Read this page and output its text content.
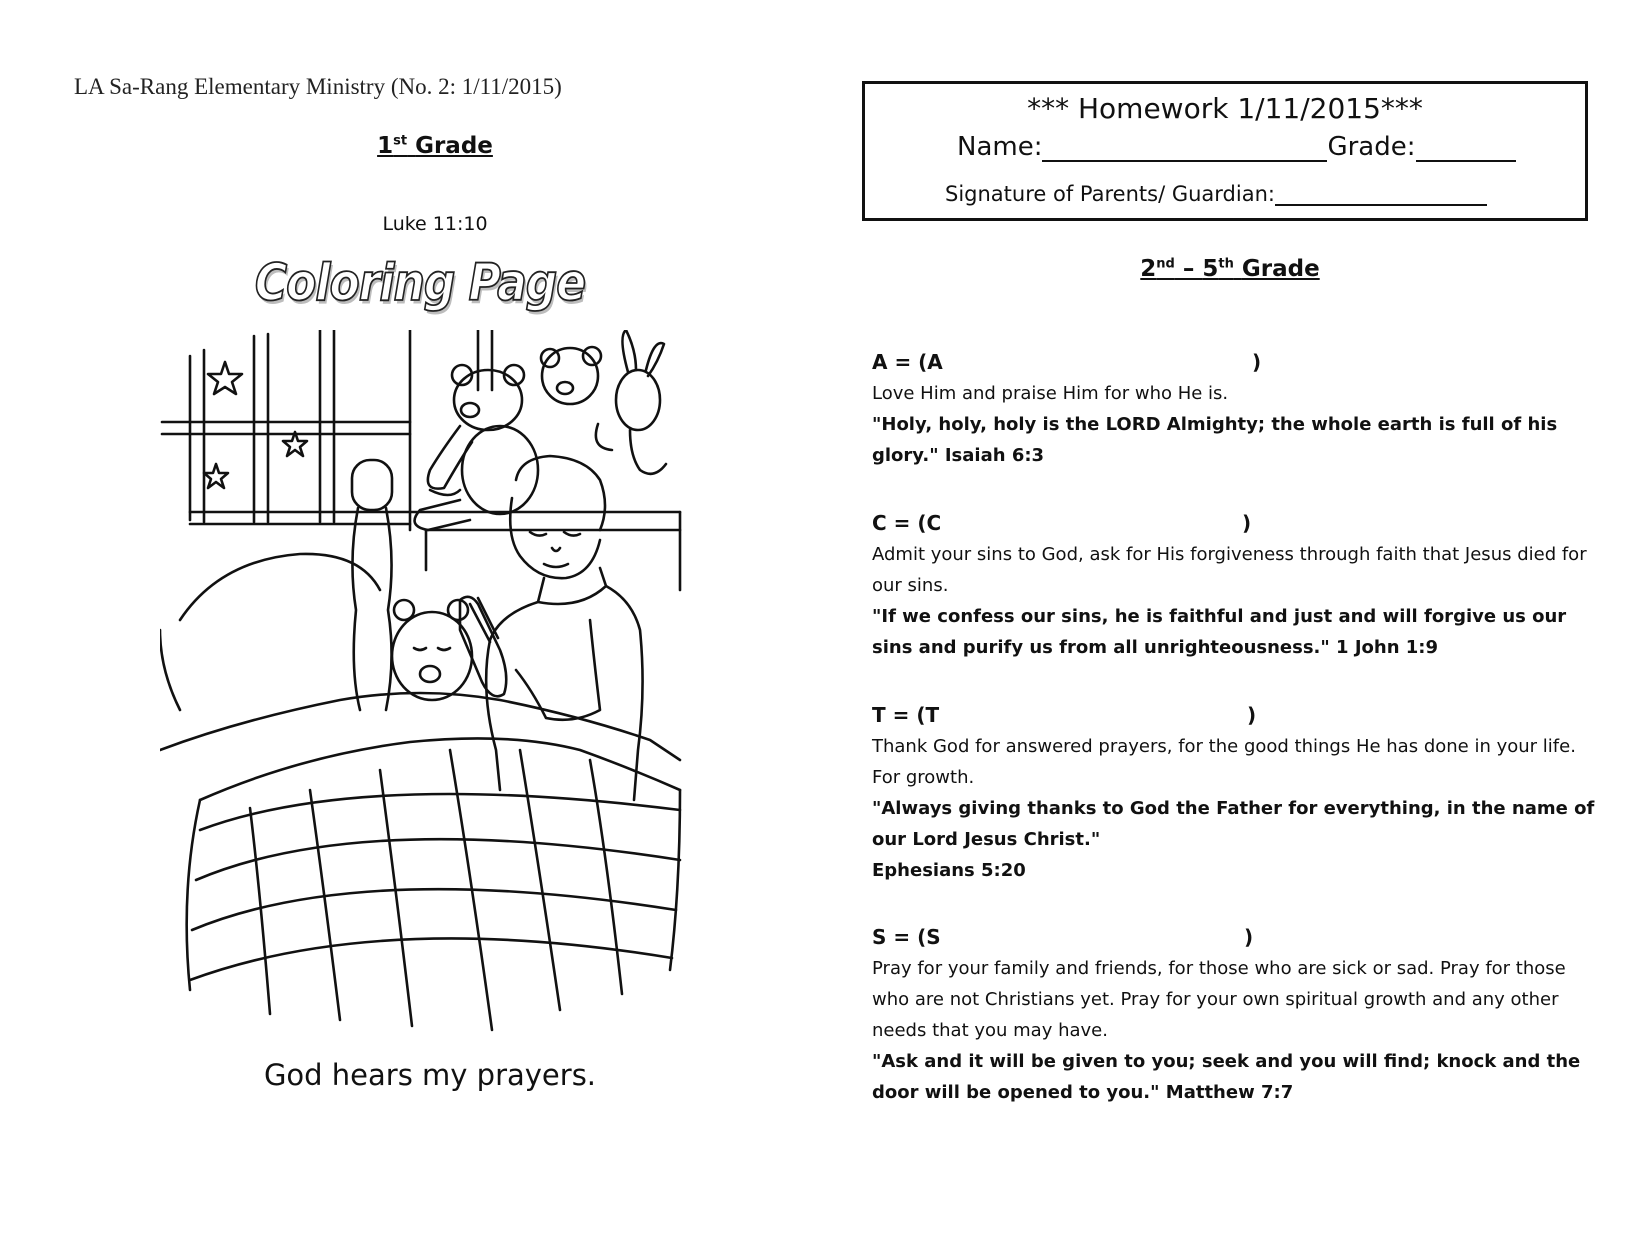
LA Sa-Rang Elementary Ministry (No. 2: 1/11/2015)
1st Grade
Luke 11:10
Coloring Page
God hears my prayers.
*** Homework 1/11/2015***
Name:	Grade:
Signature of Parents/ Guardian:
2nd – 5th Grade
A = (A	)
Love Him and praise Him for who He is.
"Holy, holy, holy is the LORD Almighty; the whole earth is full of his glory." Isaiah 6:3
C = (C	)
Admit your sins to God, ask for His forgiveness through faith that Jesus died for our sins.
"If we confess our sins, he is faithful and just and will forgive us our sins and purify us from all unrighteousness." 1 John 1:9
T = (T	)
Thank God for answered prayers, for the good things He has done in your life. For growth.
"Always giving thanks to God the Father for everything, in the name of our Lord Jesus Christ."
Ephesians 5:20
S = (S	)
Pray for your family and friends, for those who are sick or sad. Pray for those who are not Christians yet. Pray for your own spiritual growth and any other needs that you may have.
"Ask and it will be given to you; seek and you will find; knock and the door will be opened to you." Matthew 7:7
